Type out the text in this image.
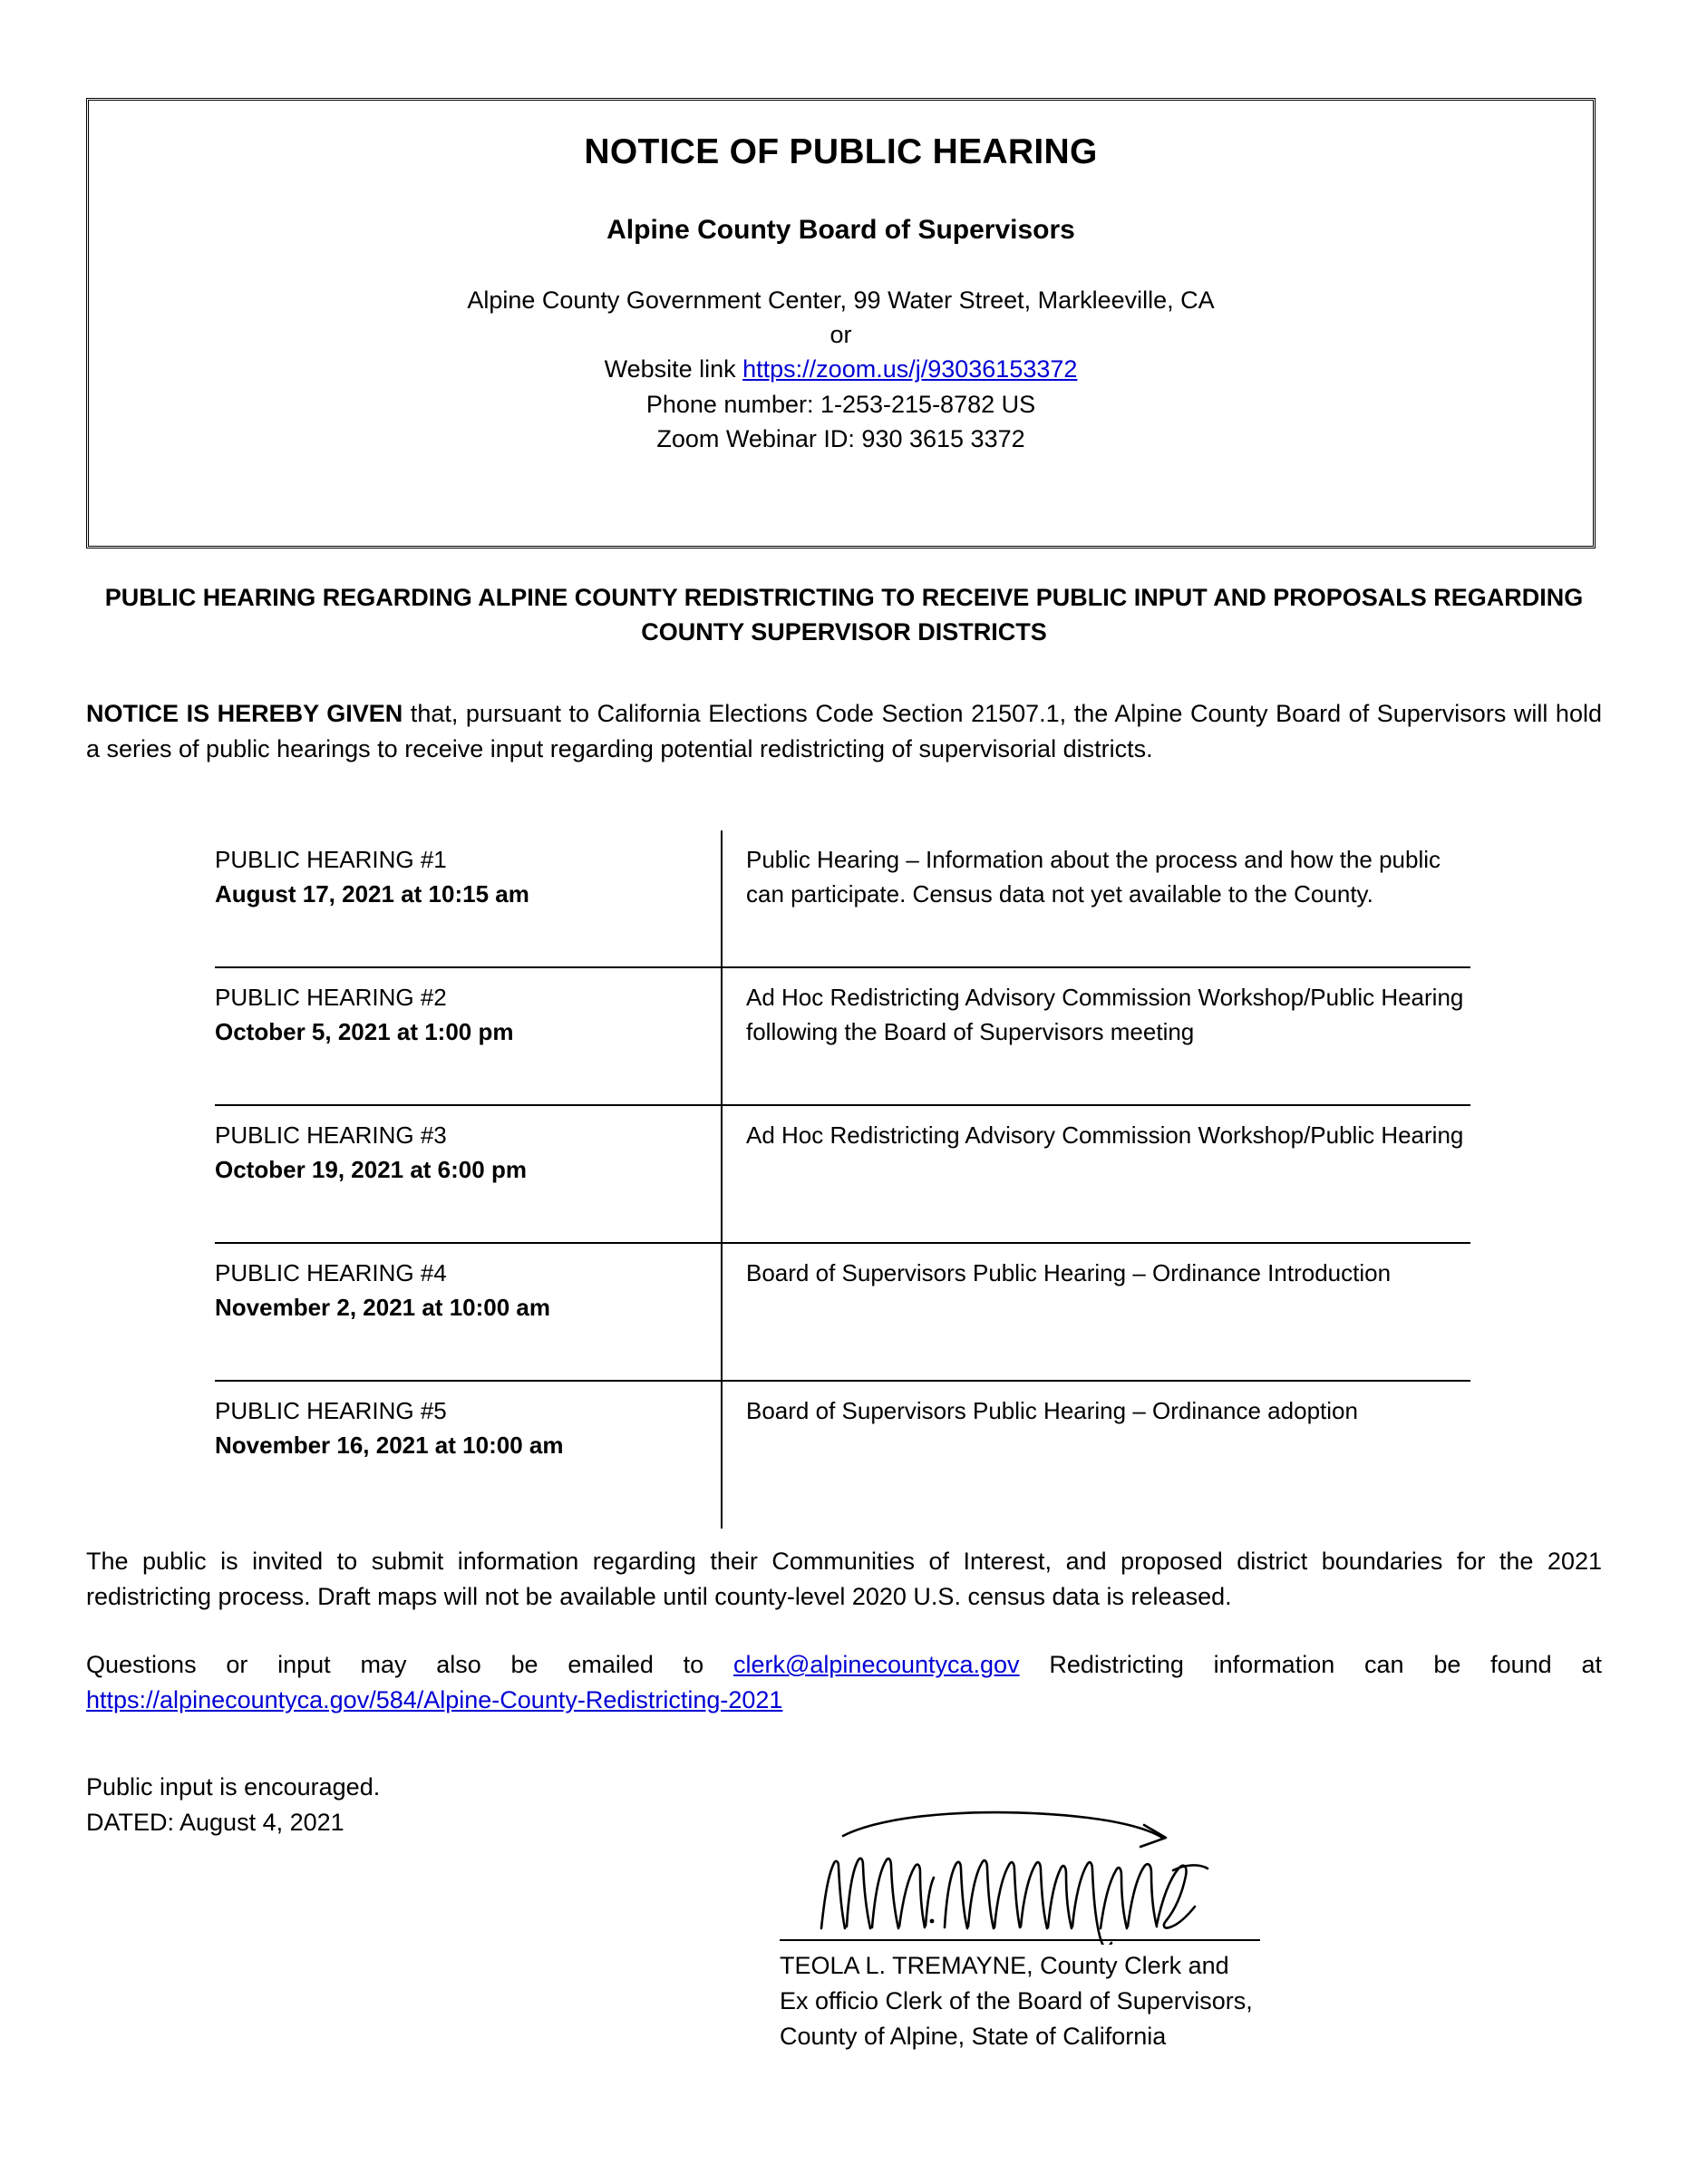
NOTICE OF PUBLIC HEARING
Alpine County Board of Supervisors
Alpine County Government Center, 99 Water Street, Markleeville, CA
or
Website link https://zoom.us/j/93036153372
Phone number: 1-253-215-8782 US
Zoom Webinar ID: 930 3615 3372
PUBLIC HEARING REGARDING ALPINE COUNTY REDISTRICTING TO RECEIVE PUBLIC INPUT AND PROPOSALS REGARDING COUNTY SUPERVISOR DISTRICTS
NOTICE IS HEREBY GIVEN that, pursuant to California Elections Code Section 21507.1, the Alpine County Board of Supervisors will hold a series of public hearings to receive input regarding potential redistricting of supervisorial districts.
PUBLIC HEARING #1
August 17, 2021 at 10:15 am	Public Hearing – Information about the process and how the public can participate. Census data not yet available to the County.

PUBLIC HEARING #2
October 5, 2021 at 1:00 pm	Ad Hoc Redistricting Advisory Commission Workshop/Public Hearing following the Board of Supervisors meeting

PUBLIC HEARING #3
October 19, 2021 at 6:00 pm	Ad Hoc Redistricting Advisory Commission Workshop/Public Hearing

PUBLIC HEARING #4
November 2, 2021 at 10:00 am	Board of Supervisors Public Hearing – Ordinance Introduction

PUBLIC HEARING #5
November 16, 2021 at 10:00 am	Board of Supervisors Public Hearing – Ordinance adoption
The public is invited to submit information regarding their Communities of Interest, and proposed district boundaries for the 2021 redistricting process. Draft maps will not be available until county-level 2020 U.S. census data is released.
Questions or input may also be emailed to clerk@alpinecountyca.gov Redistricting information can be found at https://alpinecountyca.gov/584/Alpine-County-Redistricting-2021
Public input is encouraged.
DATED: August 4, 2021
TEOLA L. TREMAYNE, County Clerk and
Ex officio Clerk of the Board of Supervisors,
County of Alpine, State of California
